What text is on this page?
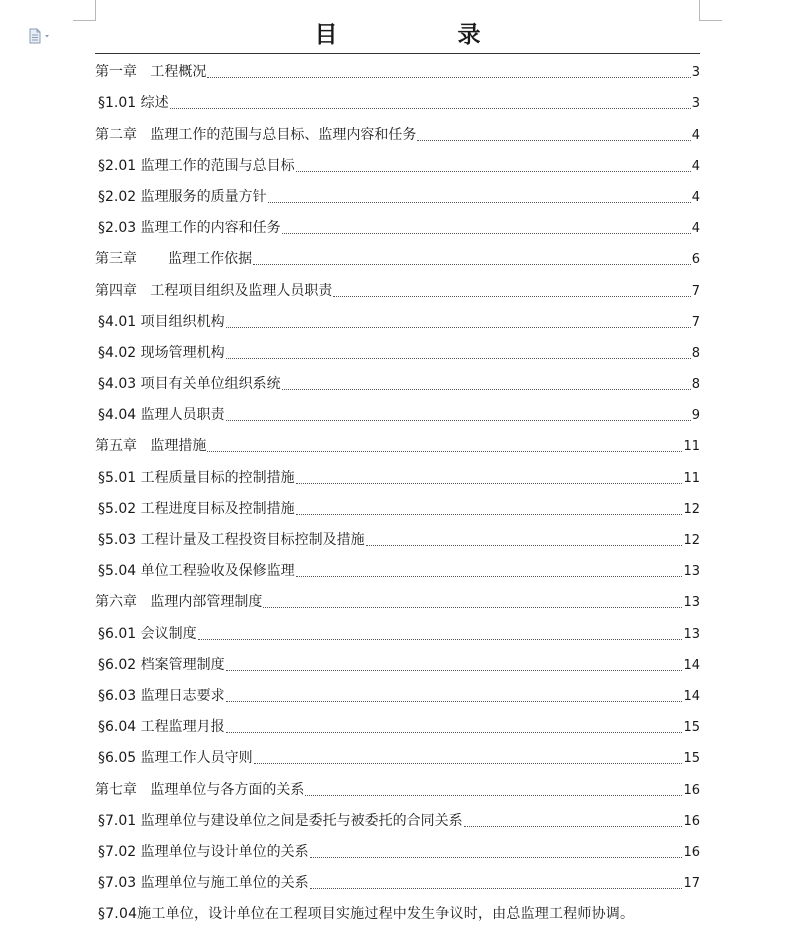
目 录
第一章   工程概况	3
§1.01 综述	3
第二章   监理工作的范围与总目标、监理内容和任务	4
§2.01 监理工作的范围与总目标	4
§2.02 监理服务的质量方针	4
§2.03 监理工作的内容和任务	4
第三章       监理工作依据	6
第四章   工程项目组织及监理人员职责	7
§4.01 项目组织机构	7
§4.02 现场管理机构	8
§4.03 项目有关单位组织系统	8
§4.04 监理人员职责	9
第五章   监理措施	11
§5.01 工程质量目标的控制措施	11
§5.02 工程进度目标及控制措施	12
§5.03 工程计量及工程投资目标控制及措施	12
§5.04 单位工程验收及保修监理	13
第六章   监理内部管理制度	13
§6.01 会议制度	13
§6.02 档案管理制度	14
§6.03 监理日志要求	14
§6.04 工程监理月报	15
§6.05 监理工作人员守则	15
第七章   监理单位与各方面的关系	16
§7.01 监理单位与建设单位之间是委托与被委托的合同关系	16
§7.02 监理单位与设计单位的关系	16
§7.03 监理单位与施工单位的关系	17
§7.04施工单位，设计单位在工程项目实施过程中发生争议时，由总监理工程师协调。
